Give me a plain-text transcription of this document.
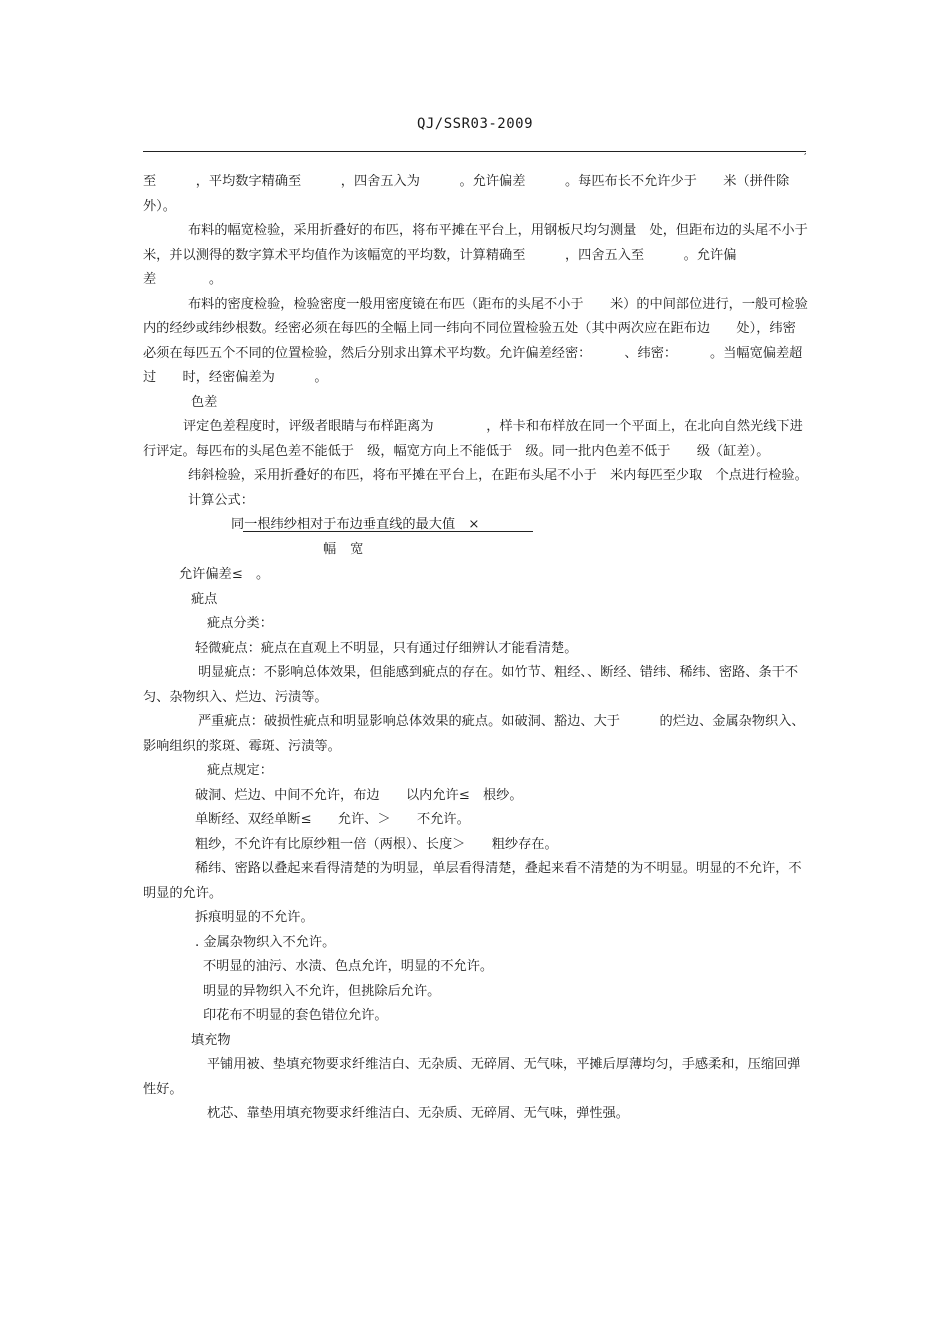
QJ/SSR03-2009
,

至　　　，平均数字精确至　　　，四舍五入为　　　。允许偏差　　　。每匹布长不允许少于　　米（拼件除外）。

布料的幅宽检验，采用折叠好的布匹，将布平摊在平台上，用钢板尺均匀测量　处，但距布边的头尾不小于　米，并以测得的数字算术平均值作为该幅宽的平均数，计算精确至　　　，四舍五入至　　　。允许偏差　　　　。

布料的密度检验，检验密度一般用密度镜在布匹（距布的头尾不小于　　米）的中间部位进行，一般可检验　　内的经纱或纬纱根数。经密必须在每匹的全幅上同一纬向不同位置检验五处（其中两次应在距布边　　处），纬密必须在每匹五个不同的位置检验，然后分别求出算术平均数。允许偏差经密：　　　、纬密：　　　。当幅宽偏差超过　　时，经密偏差为　　　。

色差

评定色差程度时，评级者眼睛与布样距离为　　　　，样卡和布样放在同一个平面上，在北向自然光线下进行评定。每匹布的头尾色差不能低于　级，幅宽方向上不能低于　级。同一批内色差不低于　　级（缸差）。

纬斜检验，采用折叠好的布匹，将布平摊在平台上，在距布头尾不小于　米内每匹至少取　个点进行检验。

计算公式：

同一根纬纱相对于布边垂直线的最大值　×
幅宽

允许偏差≤　。

疵点

疵点分类：

轻微疵点：疵点在直观上不明显，只有通过仔细辨认才能看清楚。

明显疵点：不影响总体效果，但能感到疵点的存在。如竹节、粗经、、断经、错纬、稀纬、密路、条干不匀、杂物织入、烂边、污渍等。

严重疵点：破损性疵点和明显影响总体效果的疵点。如破洞、豁边、大于　　　的烂边、金属杂物织入、影响组织的浆斑、霉斑、污渍等。

疵点规定：

破洞、烂边、中间不允许，布边　　以内允许≤　根纱。

单断经、双经单断≤　　允许、＞　　不允许。

粗纱，不允许有比原纱粗一倍（两根）、长度＞　　粗纱存在。

稀纬、密路以叠起来看得清楚的为明显，单层看得清楚，叠起来看不清楚的为不明显。明显的不允许，不明显的允许。

拆痕明显的不允许。

. 金属杂物织入不允许。

不明显的油污、水渍、色点允许，明显的不允许。

明显的异物织入不允许，但挑除后允许。

印花布不明显的套色错位允许。

填充物

平铺用被、垫填充物要求纤维洁白、无杂质、无碎屑、无气味，平摊后厚薄均匀，手感柔和，压缩回弹性好。

枕芯、靠垫用填充物要求纤维洁白、无杂质、无碎屑、无气味，弹性强。
